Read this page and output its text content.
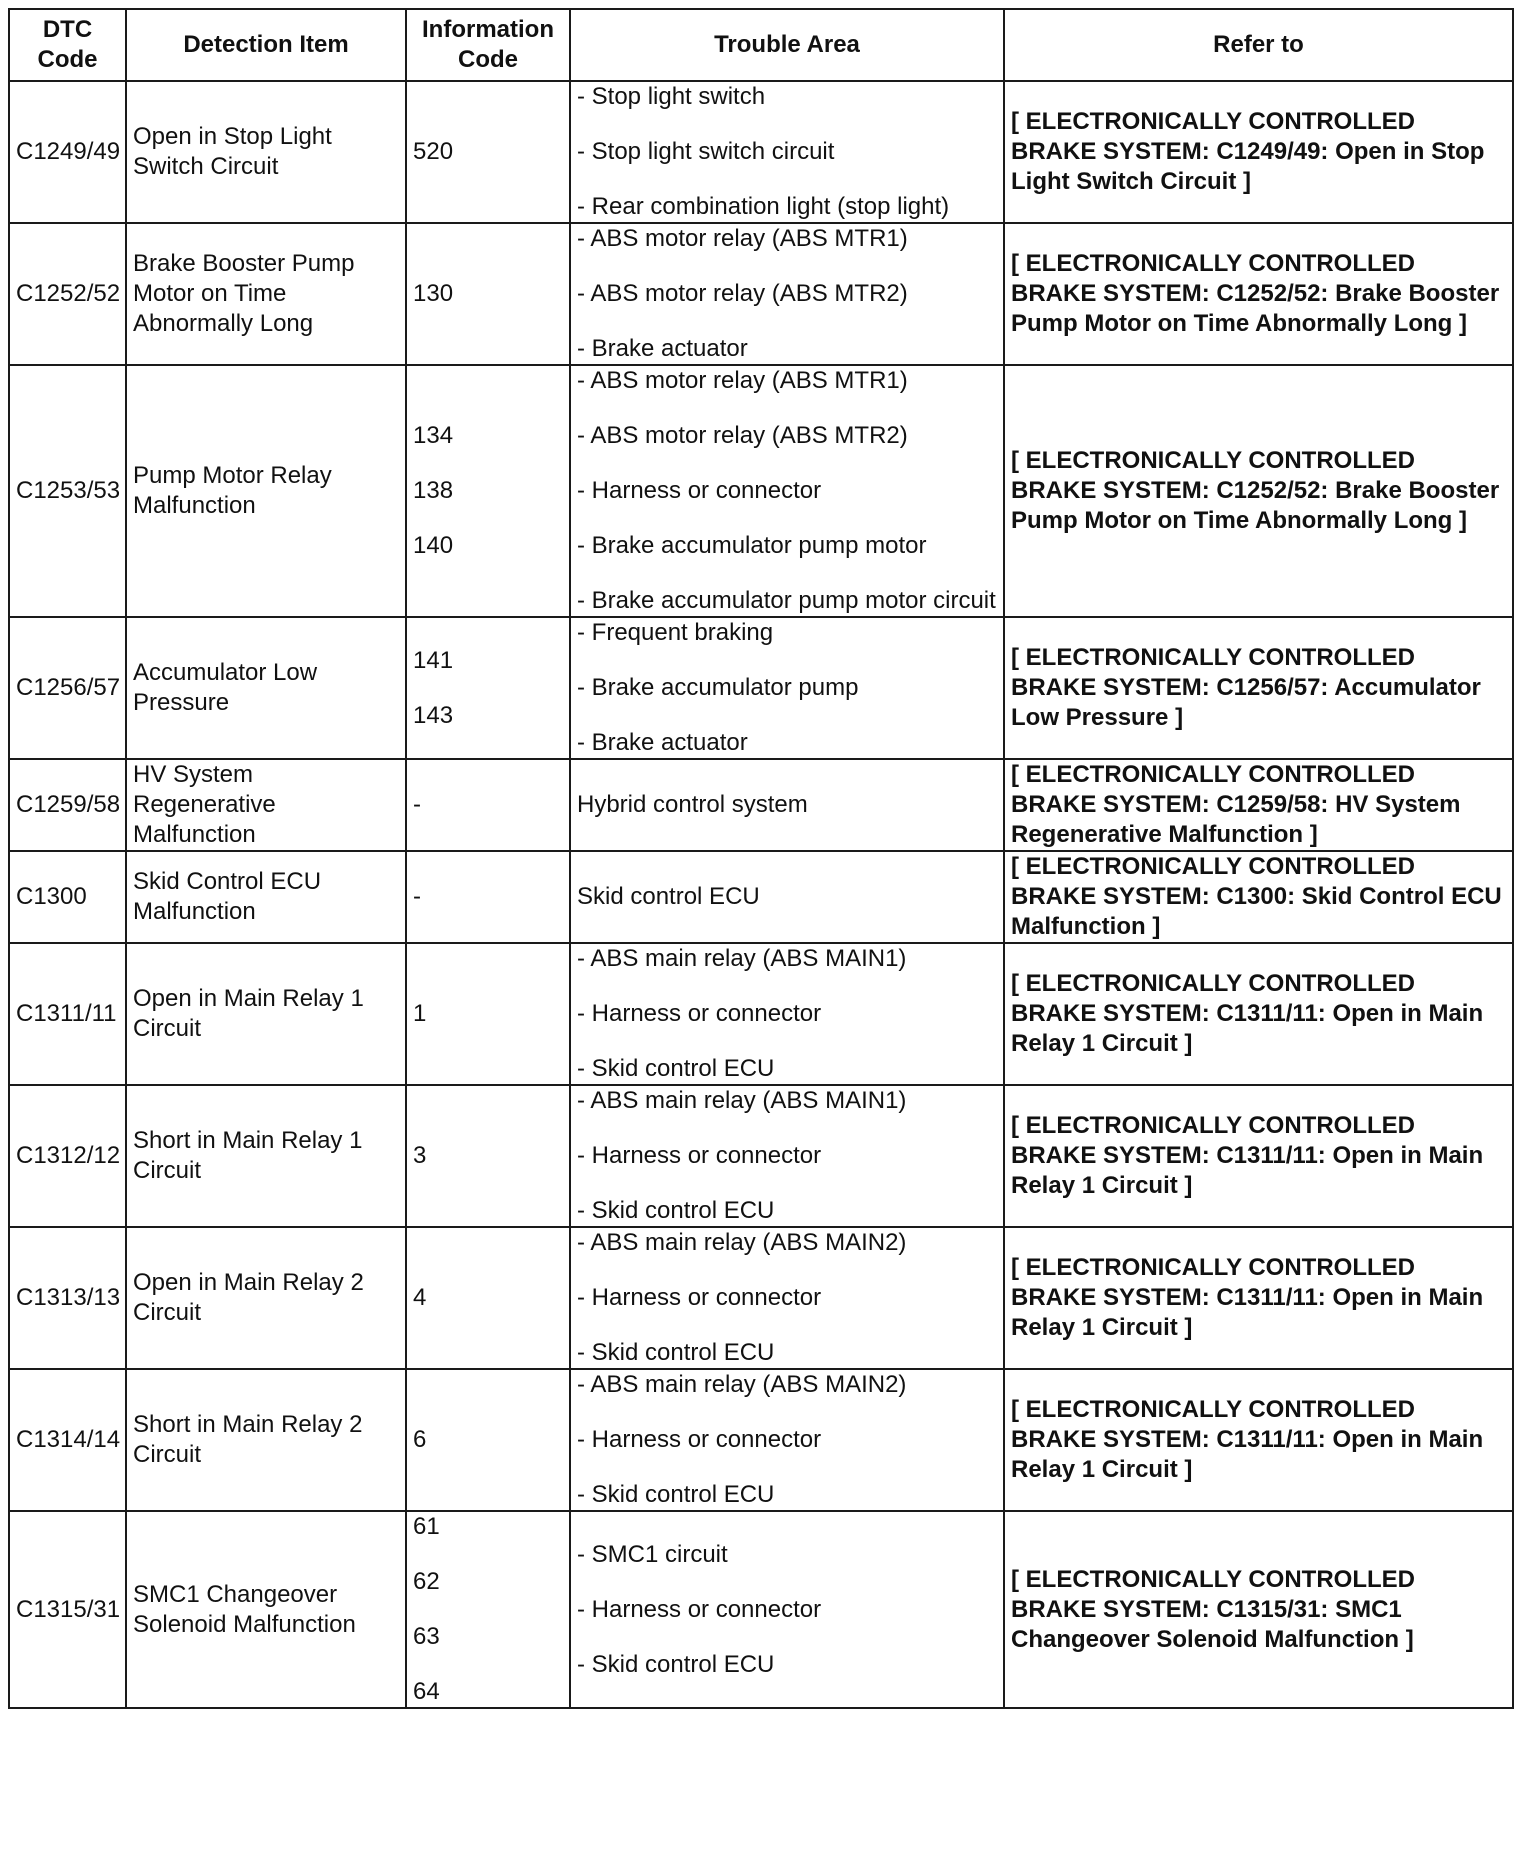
DTC Code	Detection Item	Information Code	Trouble Area	Refer to
C1249/49	Open in Stop Light Switch Circuit	520	- Stop light switch
- Stop light switch circuit
- Rear combination light (stop light)	[ ELECTRONICALLY CONTROLLED BRAKE SYSTEM: C1249/49: Open in Stop Light Switch Circuit ]
C1252/52	Brake Booster Pump Motor on Time Abnormally Long	130	- ABS motor relay (ABS MTR1)
- ABS motor relay (ABS MTR2)
- Brake actuator	[ ELECTRONICALLY CONTROLLED BRAKE SYSTEM: C1252/52: Brake Booster Pump Motor on Time Abnormally Long ]
C1253/53	Pump Motor Relay Malfunction	134
138
140	- ABS motor relay (ABS MTR1)
- ABS motor relay (ABS MTR2)
- Harness or connector
- Brake accumulator pump motor
- Brake accumulator pump motor circuit	[ ELECTRONICALLY CONTROLLED BRAKE SYSTEM: C1252/52: Brake Booster Pump Motor on Time Abnormally Long ]
C1256/57	Accumulator Low Pressure	141
143	- Frequent braking
- Brake accumulator pump
- Brake actuator	[ ELECTRONICALLY CONTROLLED BRAKE SYSTEM: C1256/57: Accumulator Low Pressure ]
C1259/58	HV System Regenerative Malfunction	-	Hybrid control system	[ ELECTRONICALLY CONTROLLED BRAKE SYSTEM: C1259/58: HV System Regenerative Malfunction ]
C1300	Skid Control ECU Malfunction	-	Skid control ECU	[ ELECTRONICALLY CONTROLLED BRAKE SYSTEM: C1300: Skid Control ECU Malfunction ]
C1311/11	Open in Main Relay 1 Circuit	1	- ABS main relay (ABS MAIN1)
- Harness or connector
- Skid control ECU	[ ELECTRONICALLY CONTROLLED BRAKE SYSTEM: C1311/11: Open in Main Relay 1 Circuit ]
C1312/12	Short in Main Relay 1 Circuit	3	- ABS main relay (ABS MAIN1)
- Harness or connector
- Skid control ECU	[ ELECTRONICALLY CONTROLLED BRAKE SYSTEM: C1311/11: Open in Main Relay 1 Circuit ]
C1313/13	Open in Main Relay 2 Circuit	4	- ABS main relay (ABS MAIN2)
- Harness or connector
- Skid control ECU	[ ELECTRONICALLY CONTROLLED BRAKE SYSTEM: C1311/11: Open in Main Relay 1 Circuit ]
C1314/14	Short in Main Relay 2 Circuit	6	- ABS main relay (ABS MAIN2)
- Harness or connector
- Skid control ECU	[ ELECTRONICALLY CONTROLLED BRAKE SYSTEM: C1311/11: Open in Main Relay 1 Circuit ]
C1315/31	SMC1 Changeover Solenoid Malfunction	61
62
63
64	- SMC1 circuit
- Harness or connector
- Skid control ECU	[ ELECTRONICALLY CONTROLLED BRAKE SYSTEM: C1315/31: SMC1 Changeover Solenoid Malfunction ]
